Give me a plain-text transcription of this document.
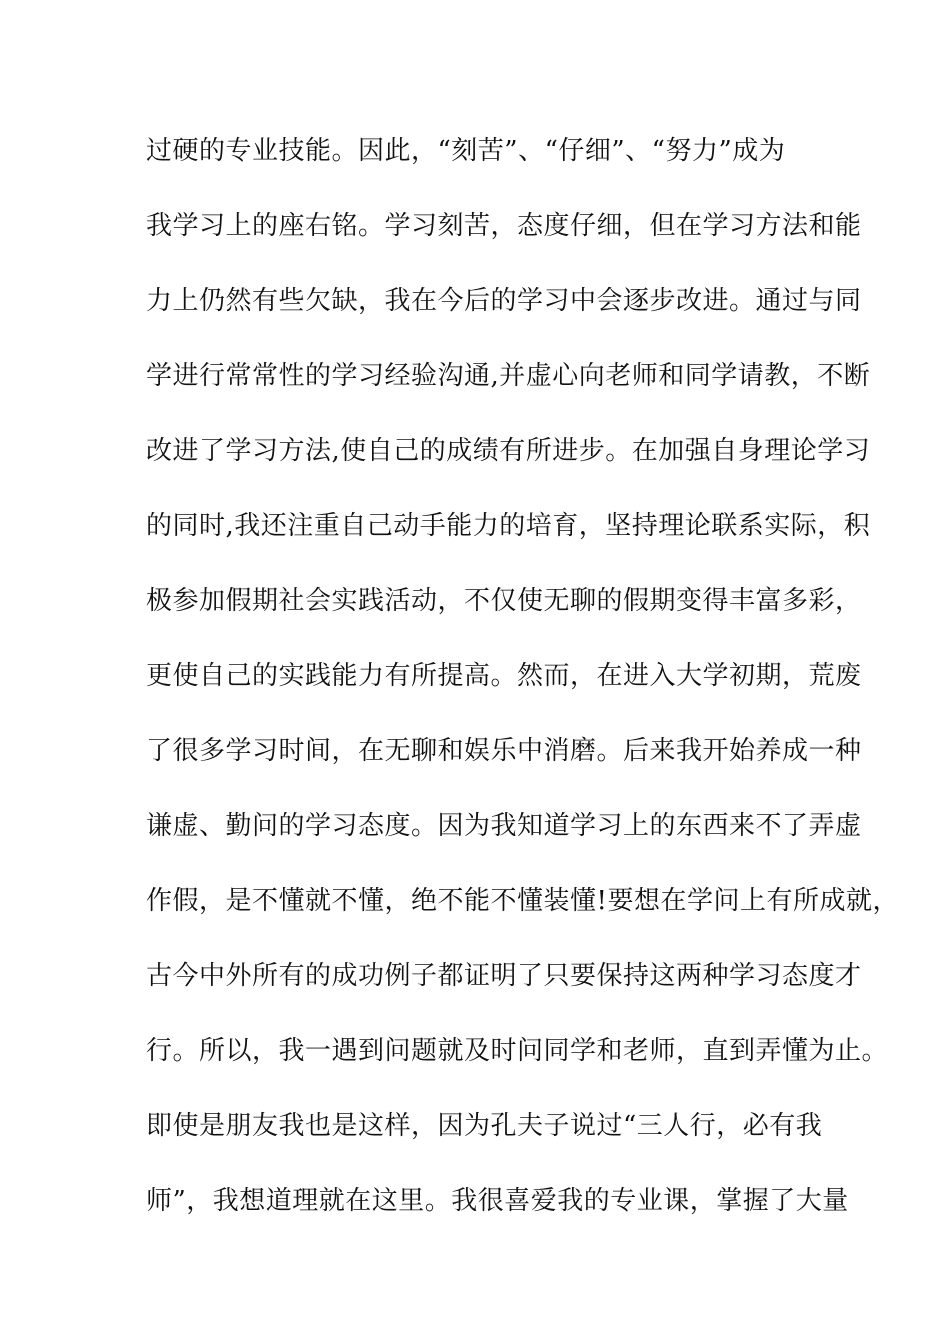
过硬的专业技能。因此，“刻苦”、“仔细”、“努力”成为
我学习上的座右铭。学习刻苦，态度仔细，但在学习方法和能
力上仍然有些欠缺，我在今后的学习中会逐步改进。通过与同
学进行常常性的学习经验沟通,并虚心向老师和同学请教，不断
改进了学习方法,使自己的成绩有所进步。在加强自身理论学习
的同时,我还注重自己动手能力的培育，坚持理论联系实际，积
极参加假期社会实践活动，不仅使无聊的假期变得丰富多彩，
更使自己的实践能力有所提高。然而，在进入大学初期，荒废
了很多学习时间，在无聊和娱乐中消磨。后来我开始养成一种
谦虚、勤问的学习态度。因为我知道学习上的东西来不了弄虚
作假，是不懂就不懂，绝不能不懂装懂!要想在学问上有所成就，
古今中外所有的成功例子都证明了只要保持这两种学习态度才
行。所以，我一遇到问题就及时问同学和老师，直到弄懂为止。
即使是朋友我也是这样，因为孔夫子说过“三人行，必有我
师”，我想道理就在这里。我很喜爱我的专业课，掌握了大量
